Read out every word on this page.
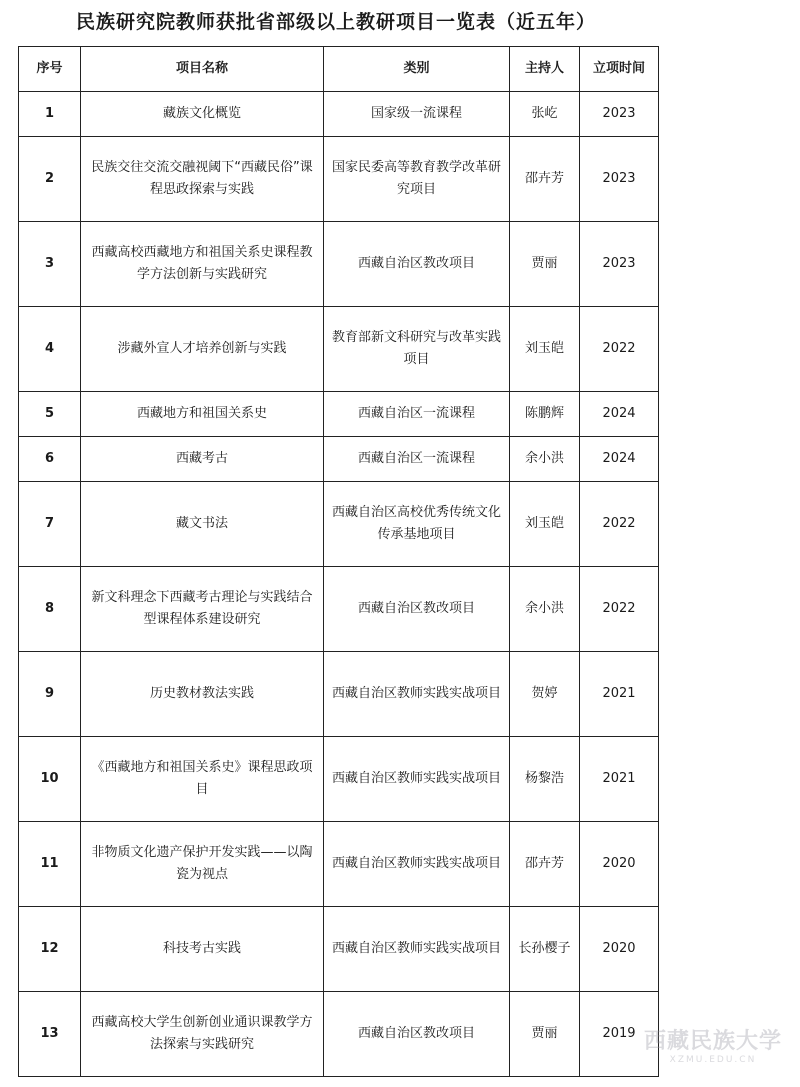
民族研究院教师获批省部级以上教研项目一览表（近五年）
序号	项目名称	类别	主持人	立项时间
1	藏族文化概览	国家级一流课程	张屹	2023
2	民族交往交流交融视阈下“西藏民俗”课程思政探索与实践	国家民委高等教育教学改革研究项目	邵卉芳	2023
3	西藏高校西藏地方和祖国关系史课程教学方法创新与实践研究	西藏自治区教改项目	贾丽	2023
4	涉藏外宣人才培养创新与实践	教育部新文科研究与改革实践项目	刘玉皑	2022
5	西藏地方和祖国关系史	西藏自治区一流课程	陈鹏辉	2024
6	西藏考古	西藏自治区一流课程	余小洪	2024
7	藏文书法	西藏自治区高校优秀传统文化传承基地项目	刘玉皑	2022
8	新文科理念下西藏考古理论与实践结合型课程体系建设研究	西藏自治区教改项目	余小洪	2022
9	历史教材教法实践	西藏自治区教师实践实战项目	贺婷	2021
10	《西藏地方和祖国关系史》课程思政项目	西藏自治区教师实践实战项目	杨黎浩	2021
11	非物质文化遗产保护开发实践——以陶瓷为视点	西藏自治区教师实践实战项目	邵卉芳	2020
12	科技考古实践	西藏自治区教师实践实战项目	长孙樱子	2020
13	西藏高校大学生创新创业通识课教学方法探索与实践研究	西藏自治区教改项目	贾丽	2019 西藏民族大学
XZMU.EDU.CN
